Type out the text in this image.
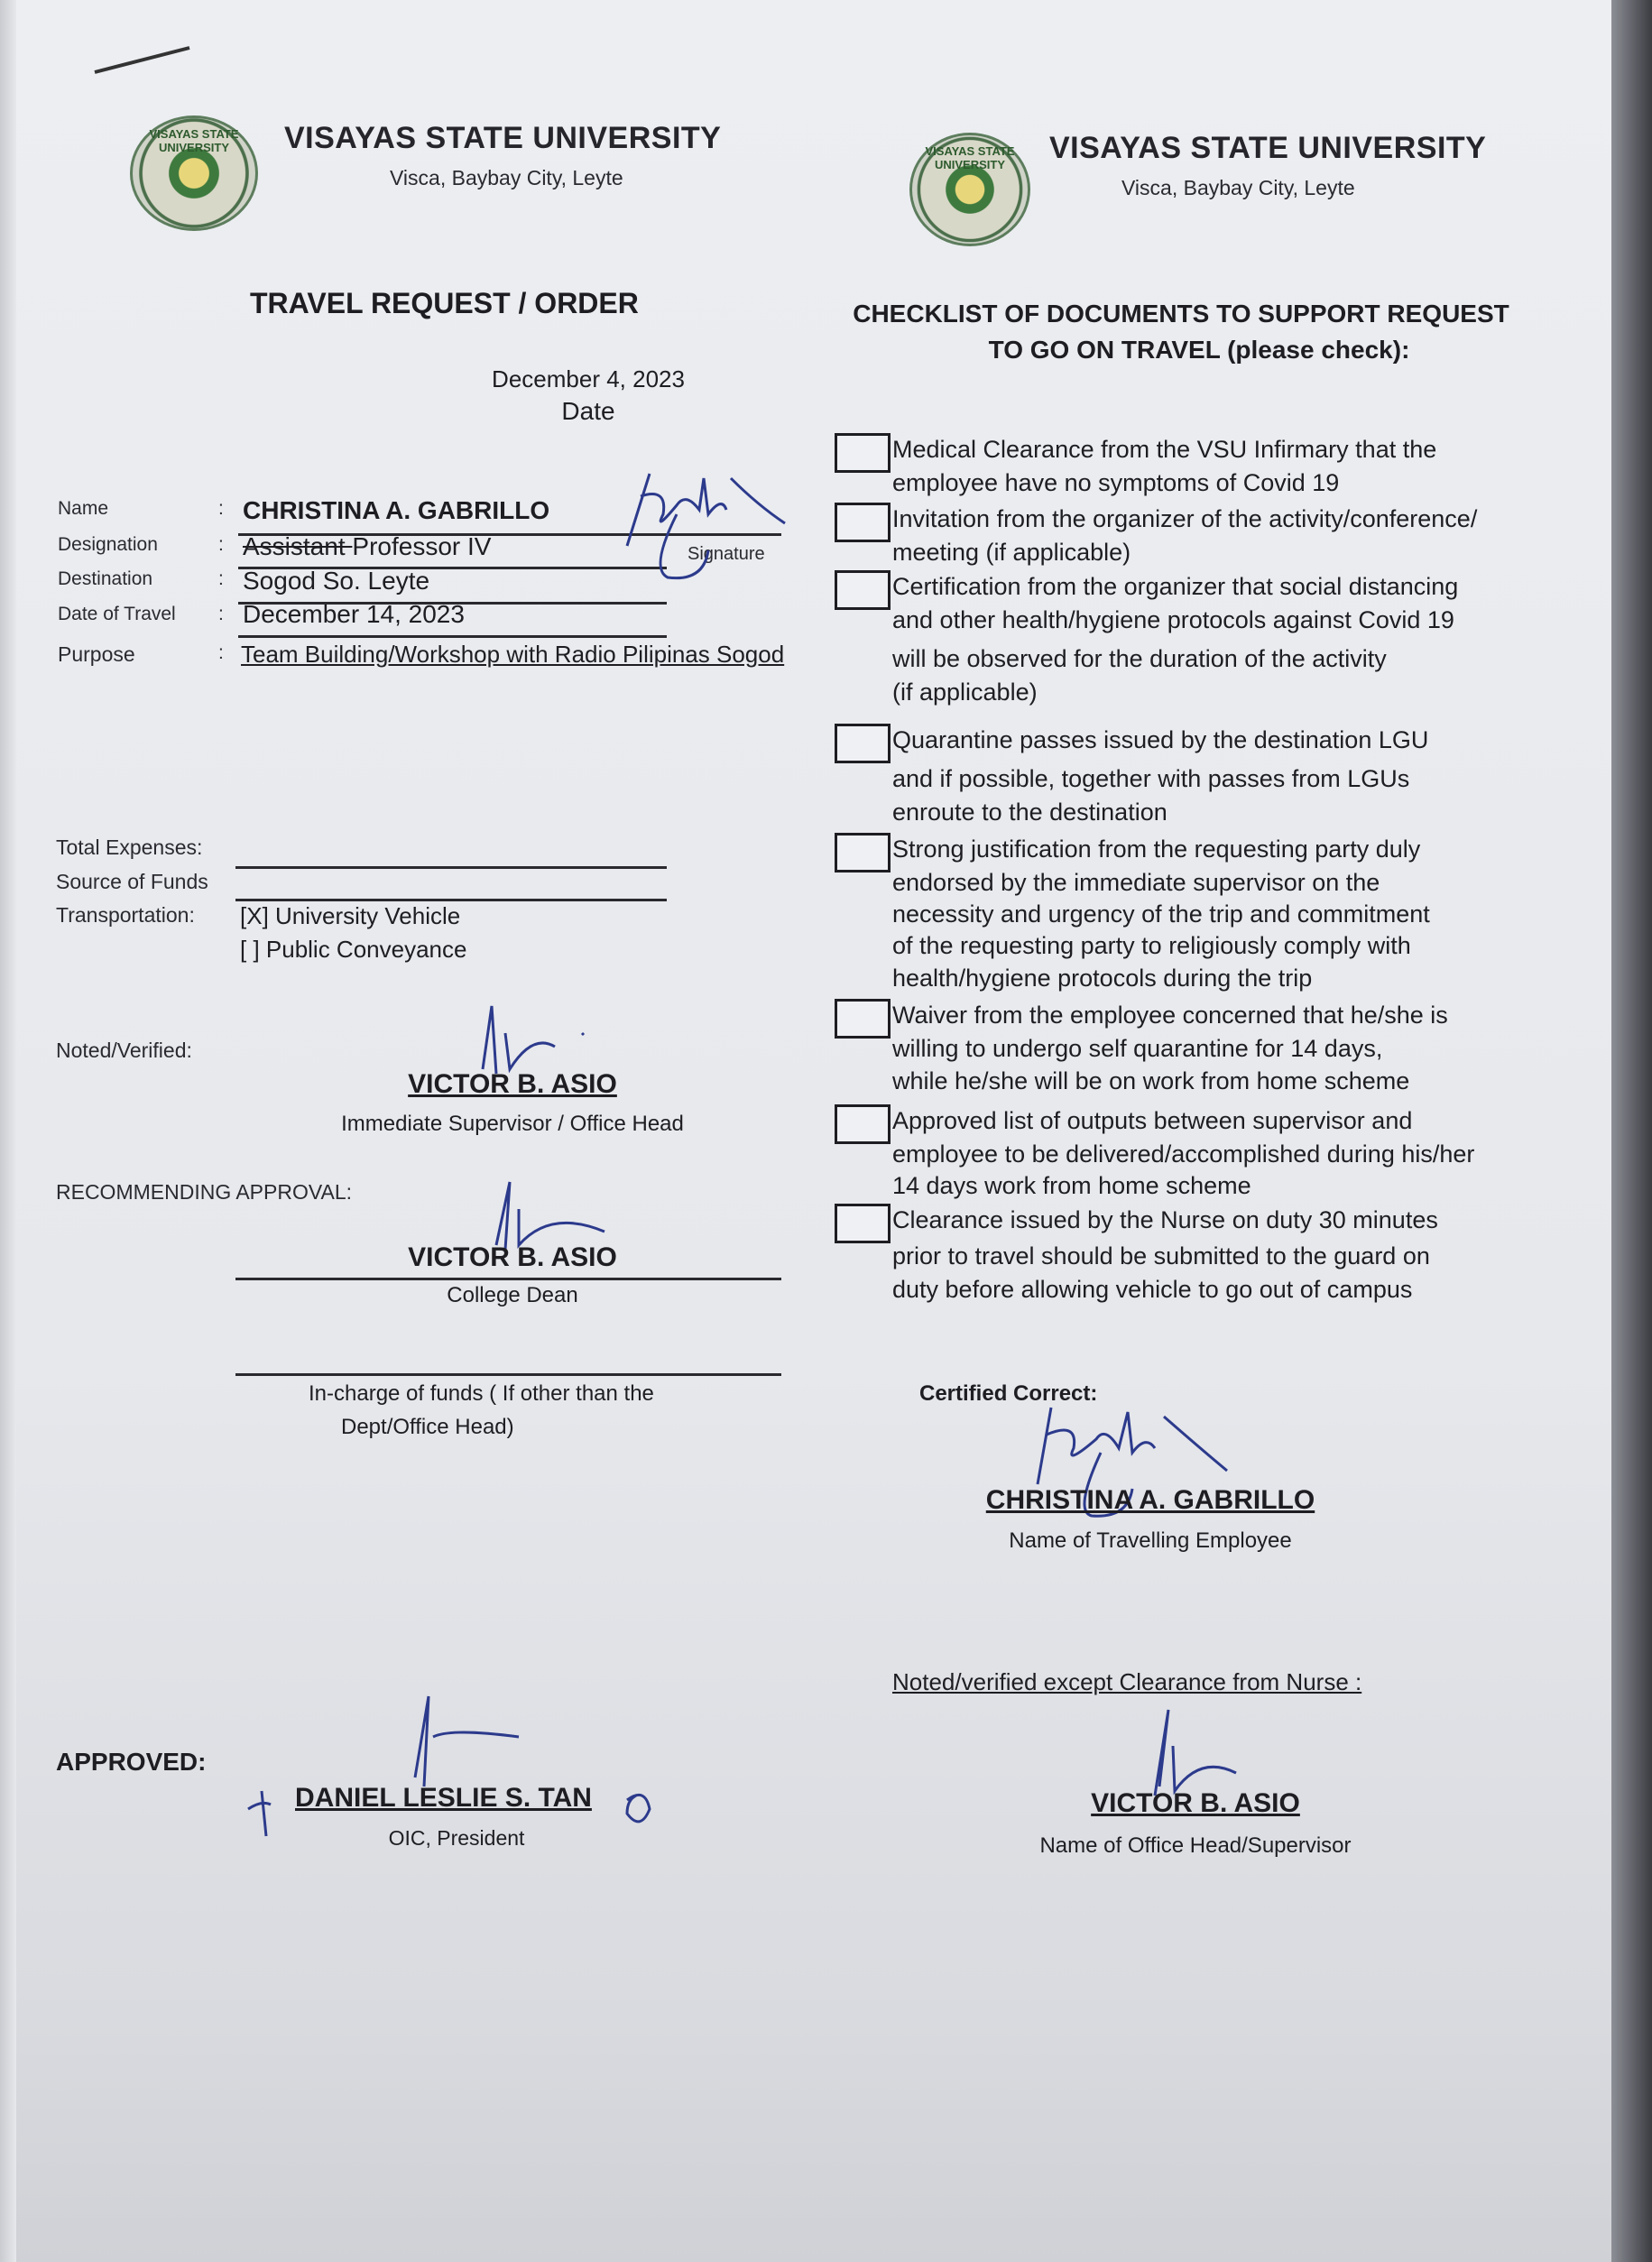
VISAYAS STATE UNIVERSITY	VISAYAS STATE UNIVERSITY
Visca, Baybay City, Leyte
VISAYAS STATE UNIVERSITY	VISAYAS STATE UNIVERSITY
Visca, Baybay City, Leyte
TRAVEL REQUEST / ORDER
December 4, 2023
Date
Name
Designation
Destination
Date of Travel
Purpose
:
:
:
:
:
CHRISTINA A. GABRILLO
Signature
Assistant Professor IV
Sogod So. Leyte
December 14, 2023
Team Building/Workshop with Radio Pilipinas Sogod
Total Expenses:
Source of Funds
Transportation: [X] University Vehicle
[ ] Public Conveyance
Noted/Verified:
VICTOR B. ASIO
Immediate Supervisor / Office Head
RECOMMENDING APPROVAL:
VICTOR B. ASIO
College Dean
In-charge of funds ( If other than the
Dept/Office Head)
APPROVED:
DANIEL LESLIE S. TAN
OIC, President
CHECKLIST OF DOCUMENTS TO SUPPORT REQUEST
TO GO ON TRAVEL (please check):
Medical Clearance from the VSU Infirmary that the
employee have no symptoms of Covid 19
Invitation from the organizer of the activity/conference/
meeting (if applicable)
Certification from the organizer that social distancing
and other health/hygiene protocols against Covid 19
will be observed for the duration of the activity
(if applicable)
Quarantine passes issued by the destination LGU
and if possible, together with passes from LGUs
enroute to the destination
Strong justification from the requesting party duly
endorsed by the immediate supervisor on the
necessity and urgency of the trip and commitment
of the requesting party to religiously comply with
health/hygiene protocols during the trip
Waiver from the employee concerned that he/she is
willing to undergo self quarantine for 14 days,
while he/she will be on work from home scheme
Approved list of outputs between supervisor and
employee to be delivered/accomplished during his/her
14 days work from home scheme
Clearance issued by the Nurse on duty 30 minutes
prior to travel should be submitted to the guard on
duty before allowing vehicle to go out of campus
Certified Correct:
CHRISTINA A. GABRILLO
Name of Travelling Employee
Noted/verified except Clearance from Nurse :
VICTOR B. ASIO
Name of Office Head/Supervisor
